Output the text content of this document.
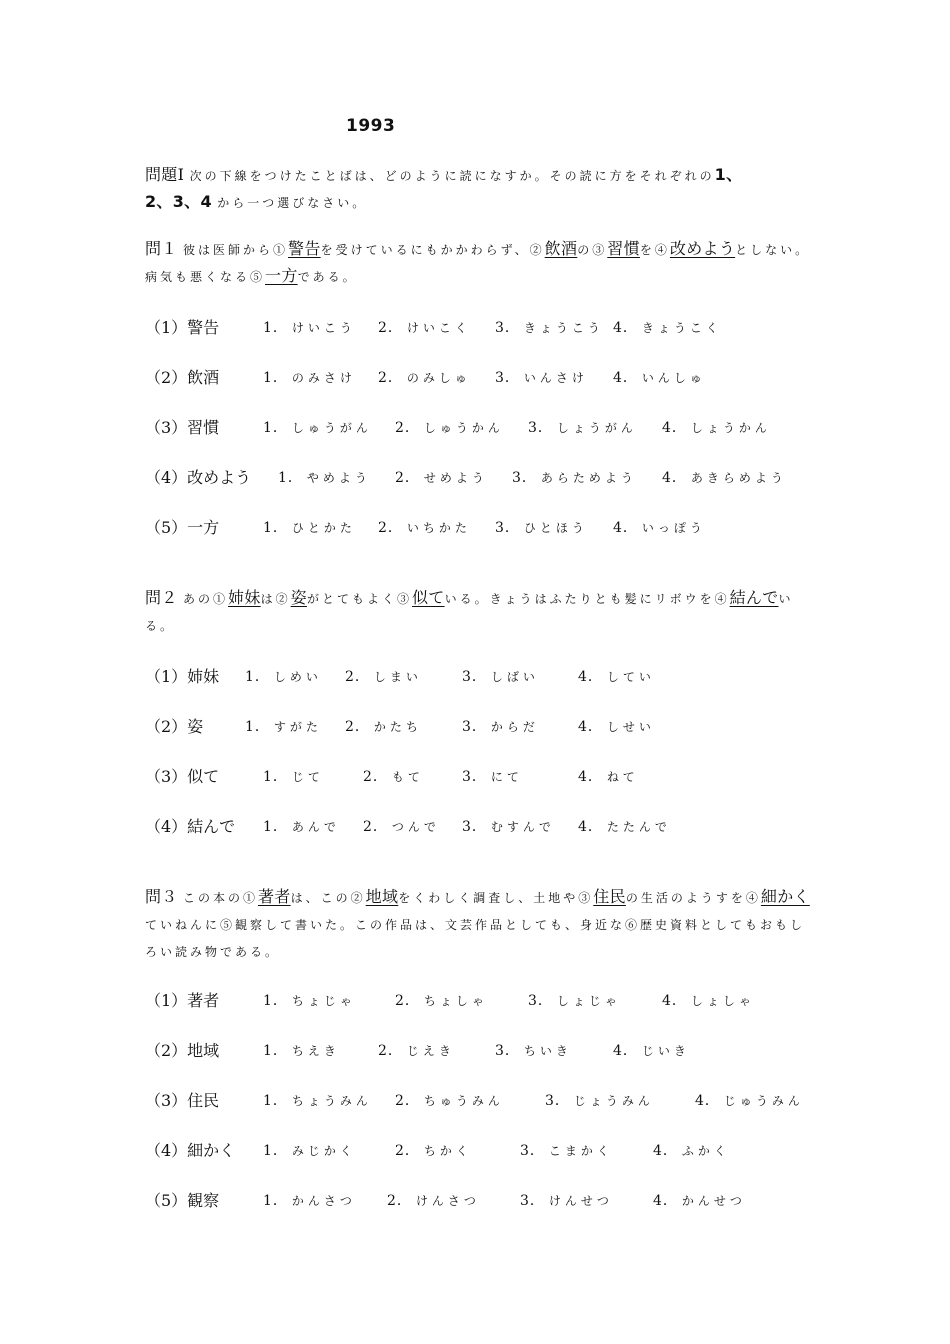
1993
問題Ⅰ 次の下線をつけたことばは、どのように読になすか。その読に方をそれぞれの1、
2、3、4 から一つ選びなさい。
問１ 彼は医師から①警告を受けているにもかかわらず、②飲酒の③習慣を④改めようとしない。病気も悪くなる⑤一方である。
（1）警告	1． けいこう 2． けいこく 3． きょうこう 4． きょうこく
（2）飲酒	1． のみさけ 2． のみしゅ 3． いんさけ 4． いんしゅ
（3）習慣	1． しゅうがん 2． しゅうかん 3． しょうがん 4． しょうかん
（4）改めよう 1． やめよう 2． せめよう 3． あらためよう 4． あきらめよう
（5）一方	1． ひとかた 2． いちかた 3． ひとほう 4． いっぽう
問２ あの①姉妹は②姿がとてもよく③似ている。きょうはふたりとも髪にリボウを④結んでいる。
（1）姉妹 1． しめい 2． しまい	3． しばい	4． してい
（2）姿	1． すがた 2． かたち	3． からだ	4． しせい
（3）似て	1． じて	2． もて	3． にて	4． ねて
（4）結んで 1． あんで 2． つんで 3． むすんで 4． たたんで
問３ この本の①著者は、この②地域をくわしく調査し、土地や③住民の生活のようすを④細かくていねんに⑤観察して書いた。この作品は、文芸作品としても、身近な⑥歴史資料としてもおもしろい読み物である。
（1）著者	1． ちょじゃ	2． ちょしゃ	3． しょじゃ	4． しょしゃ
（2）地域	1． ちえき	2． じえき	3． ちいき	4． じいき
（3）住民	1． ちょうみん 2． ちゅうみん	3． じょうみん	4． じゅうみん
（4）細かく 1． みじかく	2． ちかく	3． こまかく	4． ふかく
（5）観察	1． かんさつ 2． けんさつ	3． けんせつ	4． かんせつ
